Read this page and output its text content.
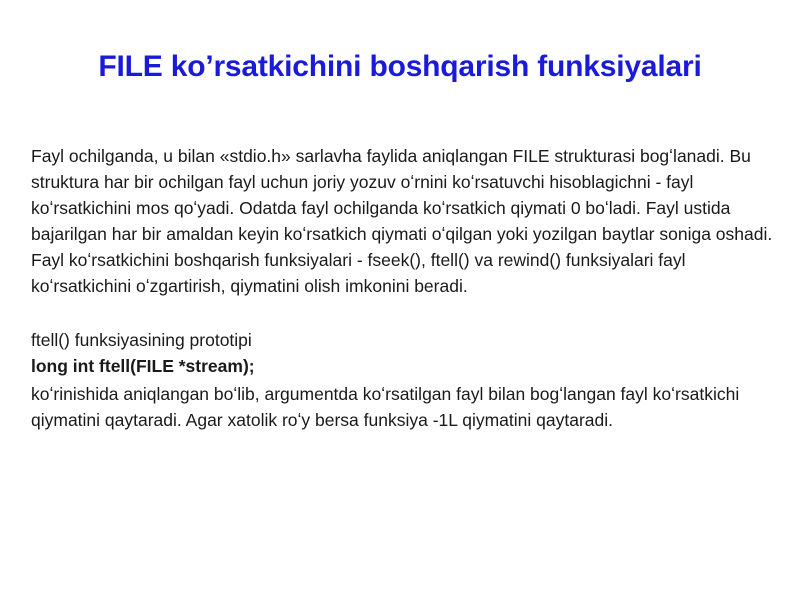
FILE ko’rsatkichini boshqarish funksiyalari

Fayl ochilganda, u bilan «stdio.h» sarlavha faylida aniqlangan FILE strukturasi bogʻlanadi. Bu struktura har bir ochilgan fayl uchun joriy yozuv oʻrnini koʻrsatuvchi hisoblagichni - fayl koʻrsatkichini mos qoʻyadi. Odatda fayl ochilganda koʻrsatkich qiymati 0 boʻladi. Fayl ustida bajarilgan har bir amaldan keyin koʻrsatkich qiymati oʻqilgan yoki yozilgan baytlar soniga oshadi. Fayl koʻrsatkichini boshqarish funksiyalari - fseek(), ftell() va rewind() funksiyalari fayl koʻrsatkichini oʻzgartirish, qiymatini olish imkonini beradi.

ftell() funksiyasining prototipi

long int ftell(FILE *stream);

koʻrinishida aniqlangan boʻlib, argumentda koʻrsatilgan fayl bilan bogʻlangan fayl koʻrsatkichi qiymatini qaytaradi. Agar xatolik roʻy bersa funksiya -1L qiymatini qaytaradi.
